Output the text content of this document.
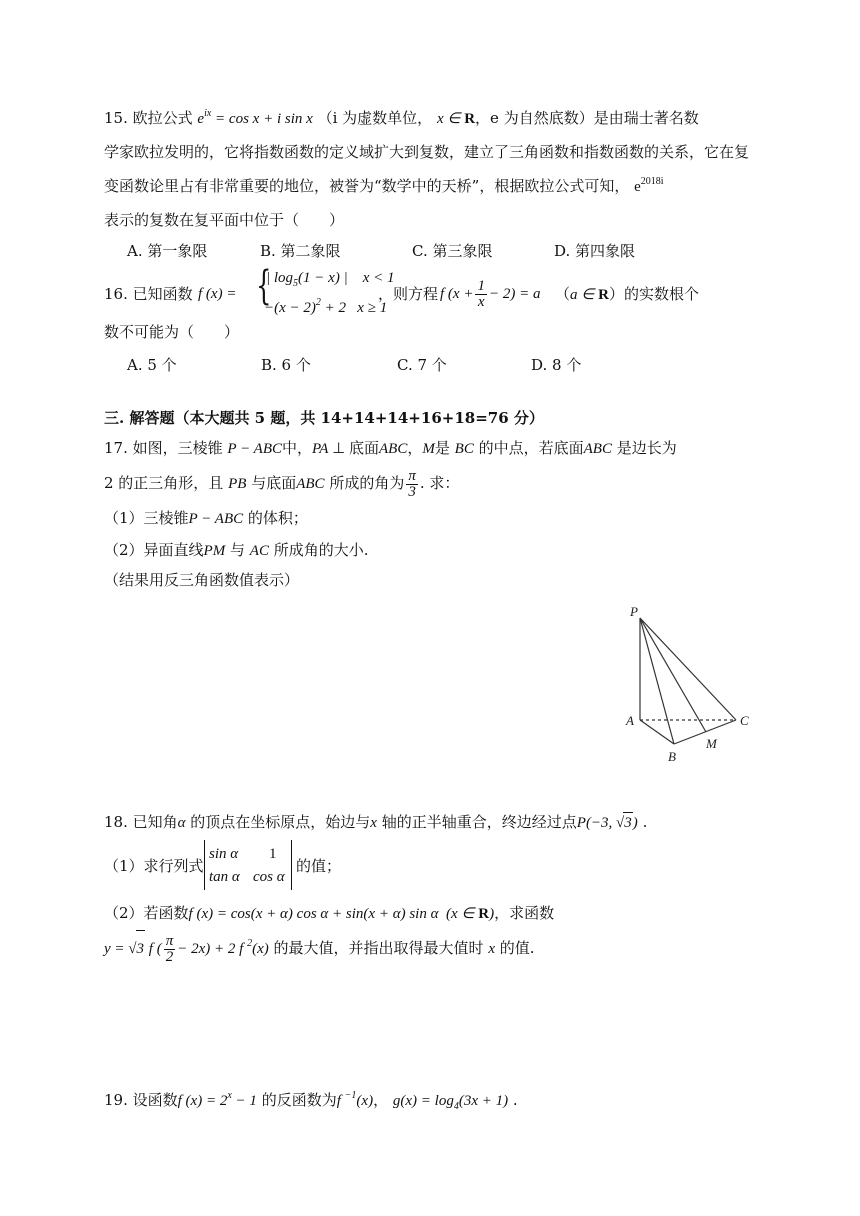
15. 欧拉公式 $e^{ix} = \cos x + i$ sin x （i 为虚数单位， x ∈ R，e 为自然底数）是由瑞士著名数
学家欧拉发明的，它将指数函数的定义域扩大到复数，建立了三角函数和指数函数的关系，它在复
变函数论里占有非常重要的地位，被誉为“数学中的天桥”，根据欧拉公式可知， $e^{2018i}$
表示的复数在复平面中位于（　　）
A. 第一象限	B. 第二象限	C. 第三象限	D. 第四象限
16. 已知函数 f (x) = {
| $\log_5(1 - x)$ |    x < 1
$-(x - 2)^2 + 2$   x ≥ 1
，则方程 f $(x + \frac{1}{x} - 2) = a$ （a ∈ R）的实数根个
数不可能为（　　）
A. 5 个	B. 6 个	C. 7 个	D. 8 个
三. 解答题（本大题共 5 题，共 14+14+14+16+18=76 分）
17. 如图，三棱锥 P − ABC中，PA ⊥ 底面ABC，M是 BC 的中点，若底面ABC 是边长为
2 的正三角形，且 PB 与底面ABC 所成的角为 $\frac{\pi}{3}$ . 求：
（1）三棱锥P − ABC 的体积；
（2）异面直线PM 与 AC 所成角的大小.
（结果用反三角函数值表示）
P
A
B
C
M
18. 已知角α 的顶点在坐标原点，始边与x 轴的正半轴重合，终边经过点P(−3, √3) .
（1）求行列式
sin α 1
tan α cos α
的值；
（2）若函数f (x) = cos(x + α) cos α + sin(x + α) sin α  (x ∈ R)，求函数
y = √3 f ( $\frac{\pi}{2} - 2x) + 2$ f $^2$(x) 的最大值，并指出取得最大值时 x 的值.
19. 设函数f $(x) = 2^x - 1$ 的反函数为f $^{-1}$(x)， $g(x) = \log_4(3x + 1)$ .
